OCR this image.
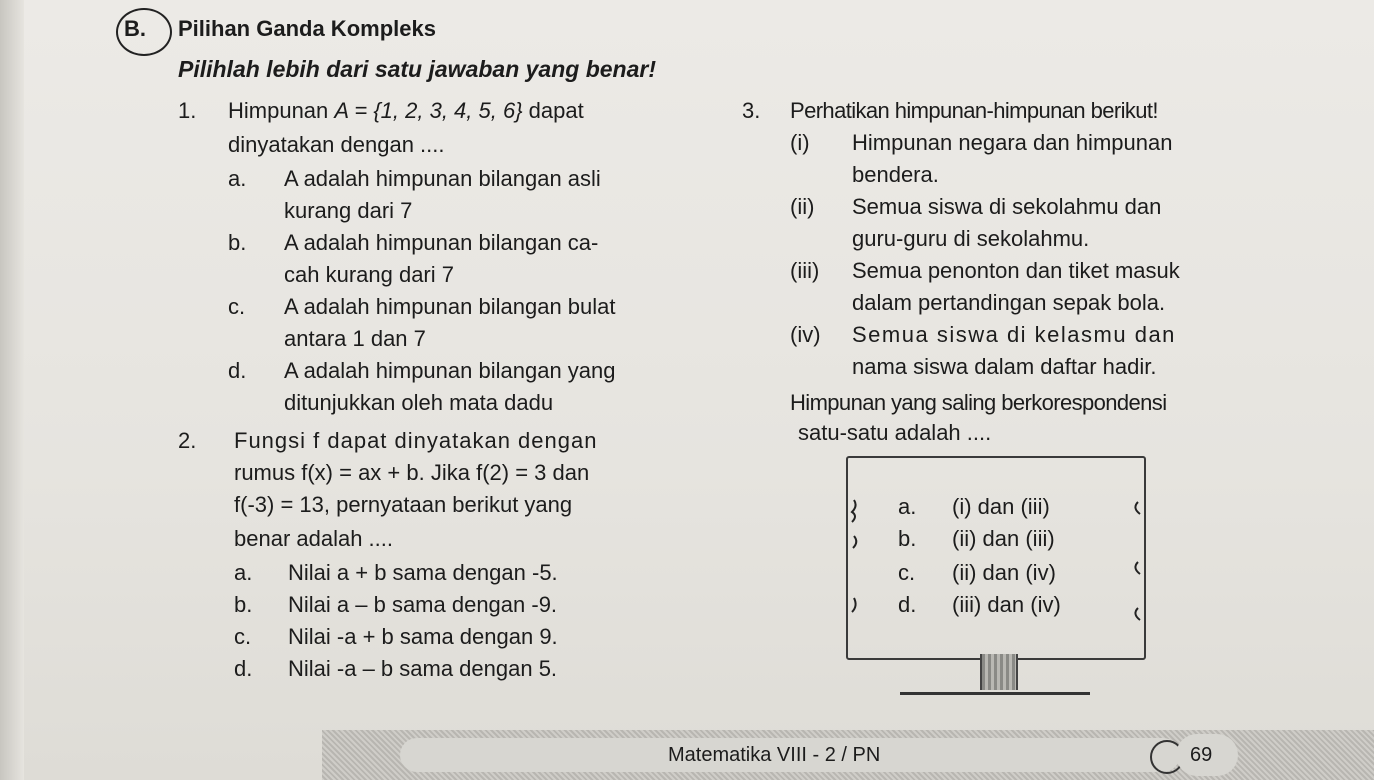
B. Pilihan Ganda Kompleks
Pilihlah lebih dari satu jawaban yang benar!
1. Himpunan A = {1, 2, 3, 4, 5, 6} dapat
dinyatakan dengan ....
a. A adalah himpunan bilangan asli
kurang dari 7
b. A adalah himpunan bilangan ca-
cah kurang dari 7
c. A adalah himpunan bilangan bulat
antara 1 dan 7
d. A adalah himpunan bilangan yang
ditunjukkan oleh mata dadu
2. Fungsi f dapat dinyatakan dengan
rumus f(x) = ax + b. Jika f(2) = 3 dan
f(-3) = 13, pernyataan berikut yang
benar adalah ....
a. Nilai a + b sama dengan -5.
b. Nilai a – b sama dengan -9.
c. Nilai -a + b sama dengan 9.
d. Nilai -a – b sama dengan 5.
3. Perhatikan himpunan-himpunan berikut!
(i) Himpunan negara dan himpunan
bendera.
(ii) Semua siswa di sekolahmu dan
guru-guru di sekolahmu.
(iii) Semua penonton dan tiket masuk
dalam pertandingan sepak bola.
(iv) Semua siswa di kelasmu dan
nama siswa dalam daftar hadir.
Himpunan yang saling berkorespondensi
satu-satu adalah ....
a. (i) dan (iii)
b. (ii) dan (iii)
c. (ii) dan (iv)
d. (iii) dan (iv)
Matematika VIII - 2 / PN	69
